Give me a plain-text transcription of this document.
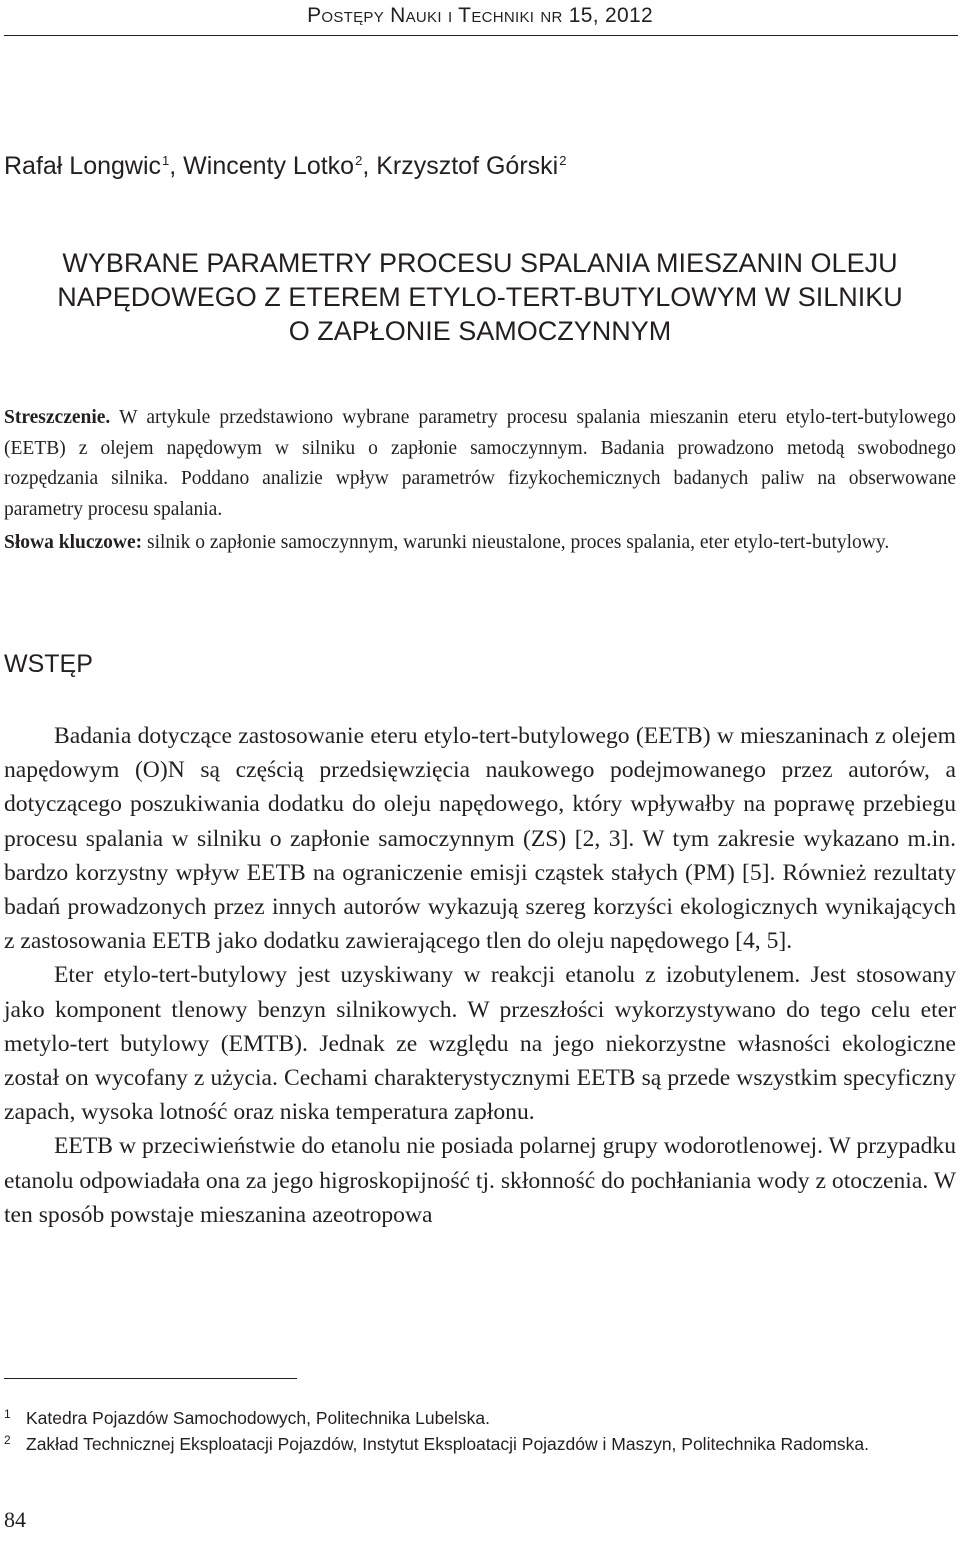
Postępy Nauki i Techniki nr 15, 2012
Rafał Longwic$^1$, Wincenty Lotko$^2$, Krzysztof Górski$^2$
WYBRANE PARAMETRY PROCESU SPALANIA MIESZANIN OLEJU
NAPĘDOWEGO Z ETEREM ETYLO-TERT-BUTYLOWYM W SILNIKU
O ZAPŁONIE SAMOCZYNNYM

Streszczenie. W artykule przedstawiono wybrane parametry procesu spalania mieszanin eteru etylo-tert-butylowego (EETB) z olejem napędowym w silniku o zapłonie samoczynnym. Badania prowadzono metodą swobodnego rozpędzania silnika. Poddano analizie wpływ parametrów fizykochemicznych badanych paliw na obserwowane parametry procesu spalania.

Słowa kluczowe: silnik o zapłonie samoczynnym, warunki nieustalone, proces spalania, eter etylo-tert-butylowy.

WSTĘP

Badania dotyczące zastosowanie eteru etylo-tert-butylowego (EETB) w mieszaninach z olejem napędowym (O)N są częścią przedsięwzięcia naukowego podejmowanego przez autorów, a dotyczącego poszukiwania dodatku do oleju napędowego, który wpływałby na poprawę przebiegu procesu spalania w silniku o zapłonie samoczynnym (ZS) [2, 3]. W tym zakresie wykazano m.in. bardzo korzystny wpływ EETB na ograniczenie emisji cząstek stałych (PM) [5]. Również rezultaty badań prowadzonych przez innych autorów wykazują szereg korzyści ekologicznych wynikających z zastosowania EETB jako dodatku zawierającego tlen do oleju napędowego [4, 5].

Eter etylo-tert-butylowy jest uzyskiwany w reakcji etanolu z izobutylenem. Jest stosowany jako komponent tlenowy benzyn silnikowych. W przeszłości wykorzystywano do tego celu eter metylo-tert butylowy (EMTB). Jednak ze względu na jego niekorzystne własności ekologiczne został on wycofany z użycia. Cechami charakterystycznymi EETB są przede wszystkim specyficzny zapach, wysoka lotność oraz niska temperatura zapłonu.

EETB w przeciwieństwie do etanolu nie posiada polarnej grupy wodorotlenowej. W przypadku etanolu odpowiadała ona za jego higroskopijność tj. skłonność do pochłaniania wody z otoczenia. W ten sposób powstaje mieszanina azeotropowa

1 Katedra Pojazdów Samochodowych, Politechnika Lubelska.
2 Zakład Technicznej Eksploatacji Pojazdów, Instytut Eksploatacji Pojazdów i Maszyn, Politechnika Radomska.
84
